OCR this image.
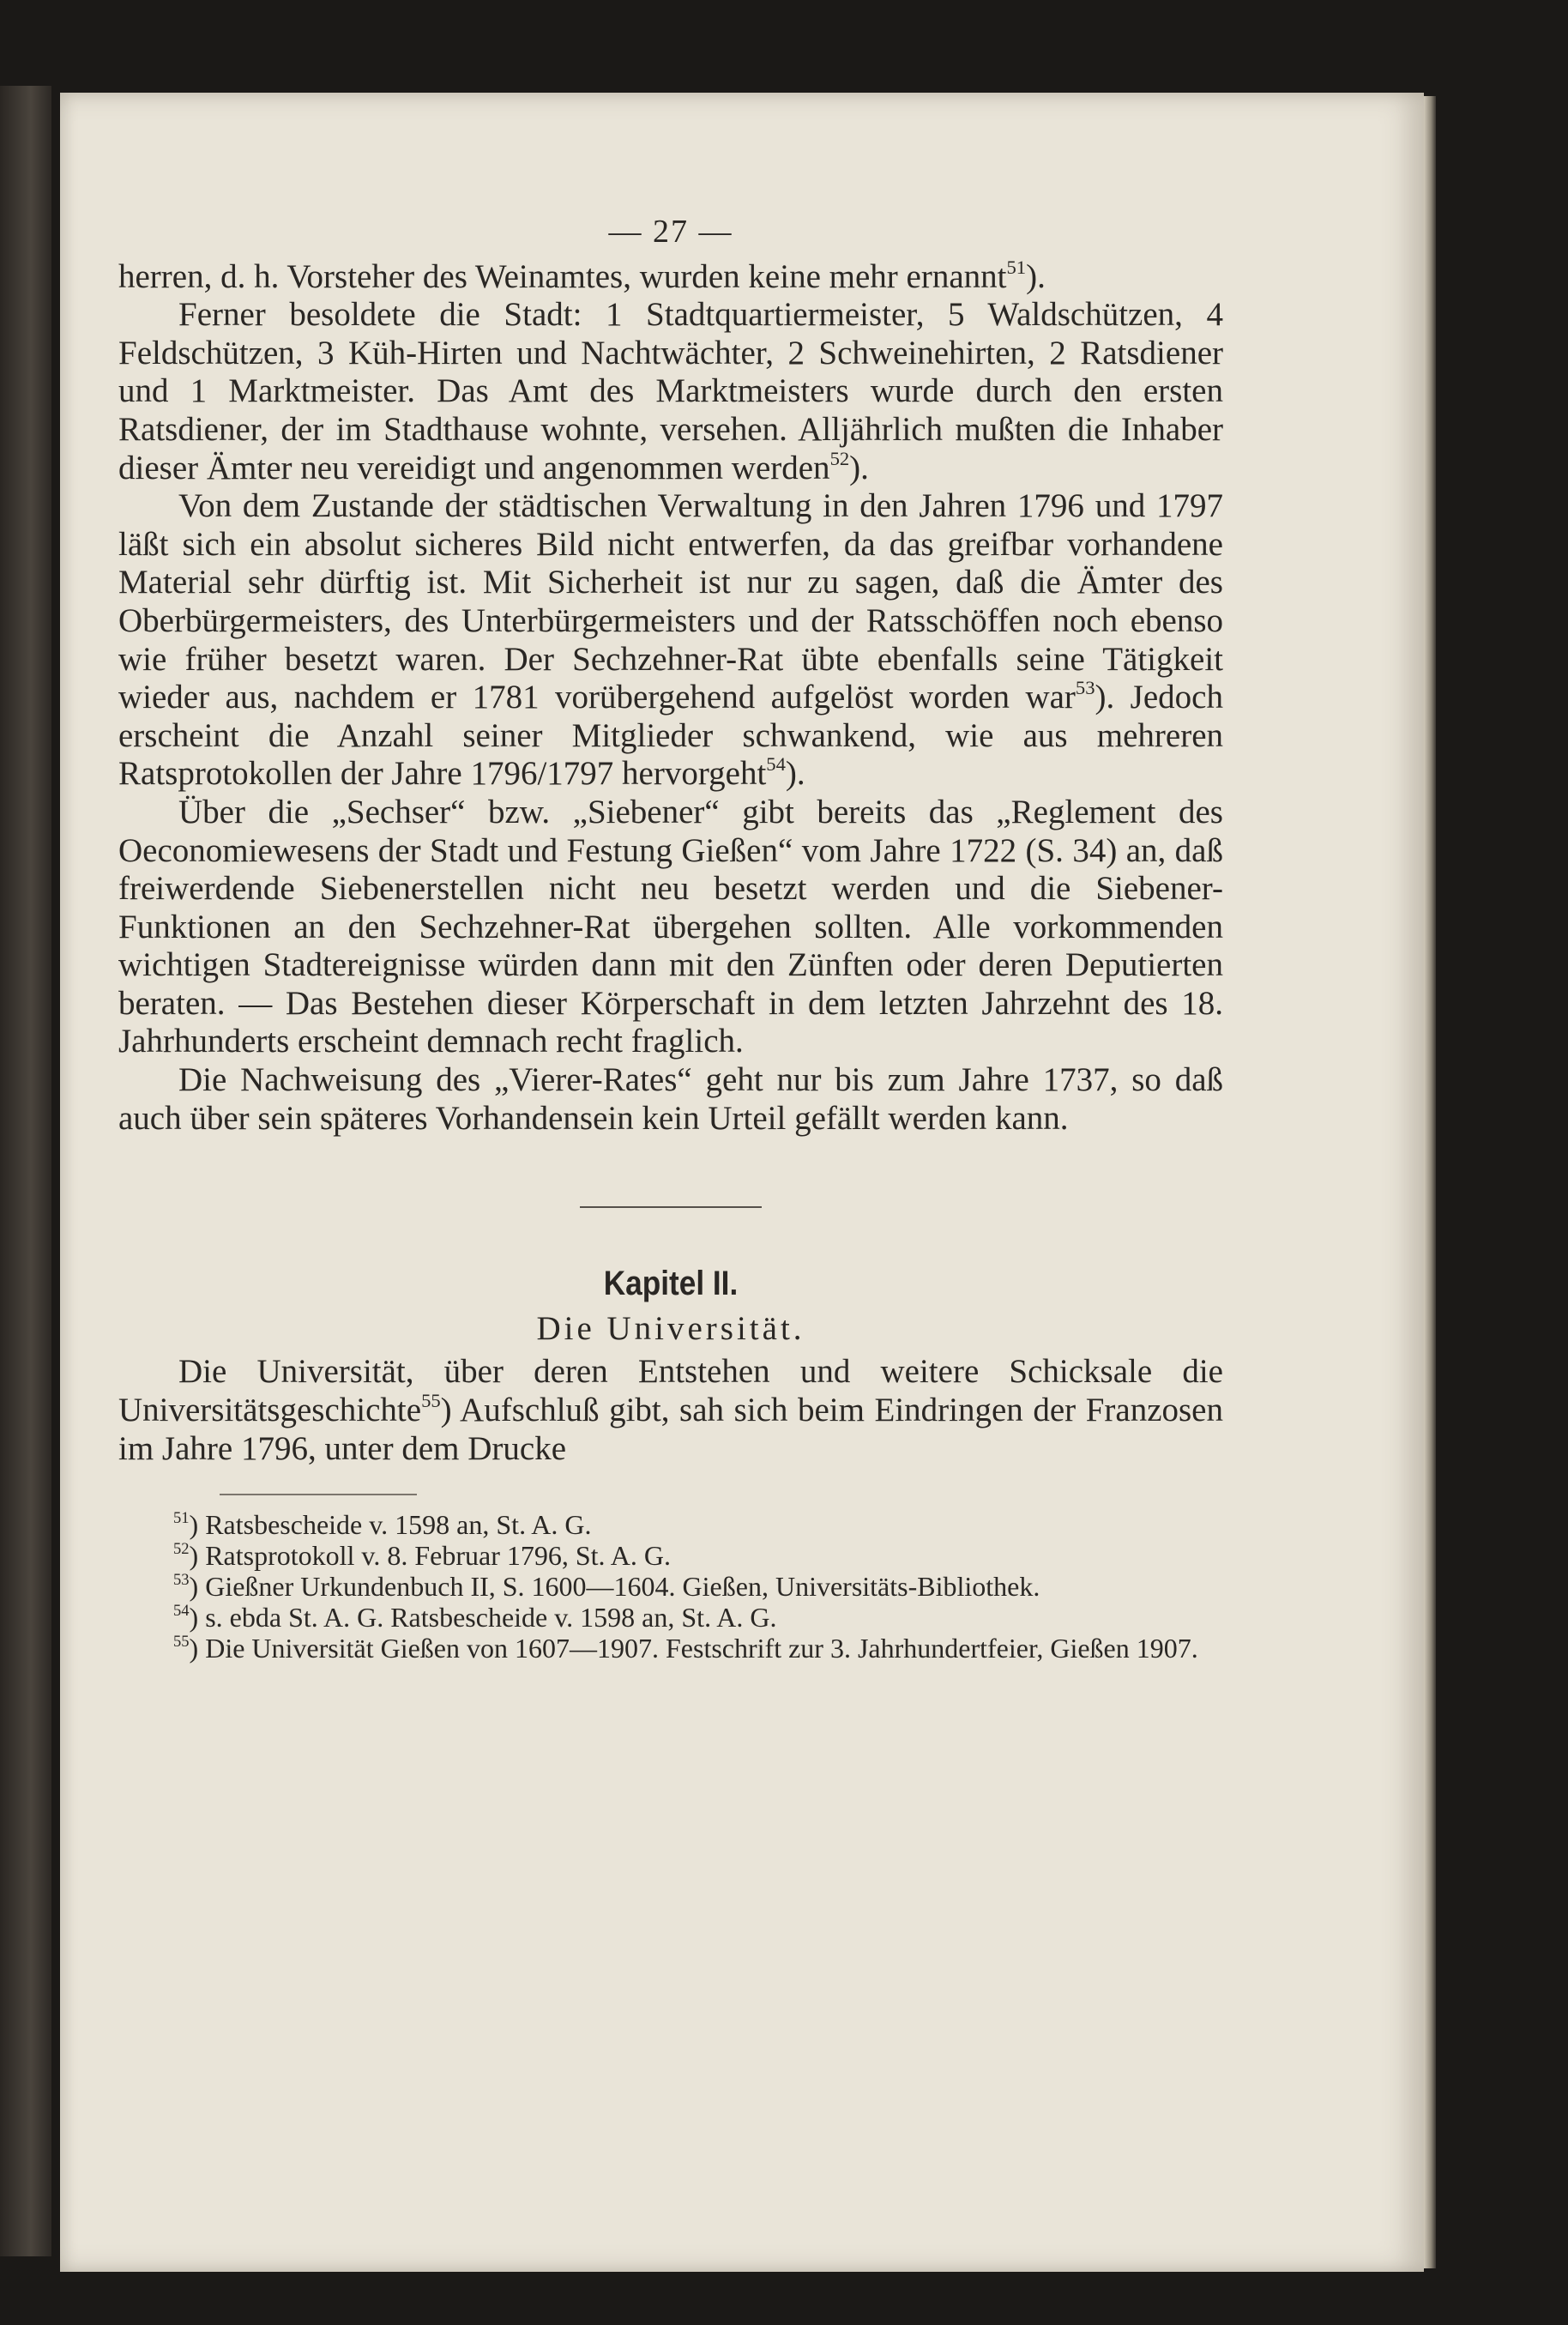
— 27 —

herren, d. h. Vorsteher des Weinamtes, wurden keine mehr ernannt$^{51}$).

Ferner besoldete die Stadt: 1 Stadtquartiermeister, 5 Waldschützen, 4 Feldschützen, 3 Küh-Hirten und Nachtwächter, 2 Schweinehirten, 2 Ratsdiener und 1 Marktmeister. Das Amt des Marktmeisters wurde durch den ersten Ratsdiener, der im Stadthause wohnte, versehen. Alljährlich mußten die Inhaber dieser Ämter neu vereidigt und angenommen werden$^{52}$).

Von dem Zustande der städtischen Verwaltung in den Jahren 1796 und 1797 läßt sich ein absolut sicheres Bild nicht entwerfen, da das greifbar vorhandene Material sehr dürftig ist. Mit Sicherheit ist nur zu sagen, daß die Ämter des Oberbürgermeisters, des Unterbürgermeisters und der Ratsschöffen noch ebenso wie früher besetzt waren. Der Sechzehner-Rat übte ebenfalls seine Tätigkeit wieder aus, nachdem er 1781 vorübergehend aufgelöst worden war$^{53}$). Jedoch erscheint die Anzahl seiner Mitglieder schwankend, wie aus mehreren Ratsprotokollen der Jahre 1796/1797 hervorgeht$^{54}$).

Über die „Sechser“ bzw. „Siebener“ gibt bereits das „Reglement des Oeconomiewesens der Stadt und Festung Gießen“ vom Jahre 1722 (S. 34) an, daß freiwerdende Siebenerstellen nicht neu besetzt werden und die Siebener-Funktionen an den Sechzehner-Rat übergehen sollten. Alle vorkommenden wichtigen Stadtereignisse würden dann mit den Zünften oder deren Deputierten beraten. — Das Bestehen dieser Körperschaft in dem letzten Jahrzehnt des 18. Jahrhunderts erscheint demnach recht fraglich.

Die Nachweisung des „Vierer-Rates“ geht nur bis zum Jahre 1737, so daß auch über sein späteres Vorhandensein kein Urteil gefällt werden kann.

Kapitel II.
Die Universität.

Die Universität, über deren Entstehen und weitere Schicksale die Universitätsgeschichte$^{55}$) Aufschluß gibt, sah sich beim Eindringen der Franzosen im Jahre 1796, unter dem Drucke

$^{51}$) Ratsbescheide v. 1598 an, St. A. G.

$^{52}$) Ratsprotokoll v. 8. Februar 1796, St. A. G.

$^{53}$) Gießner Urkundenbuch II, S. 1600—1604. Gießen, Universitäts-Bibliothek.

$^{54}$) s. ebda St. A. G. Ratsbescheide v. 1598 an, St. A. G.

$^{55}$) Die Universität Gießen von 1607—1907. Festschrift zur 3. Jahrhundertfeier, Gießen 1907.
